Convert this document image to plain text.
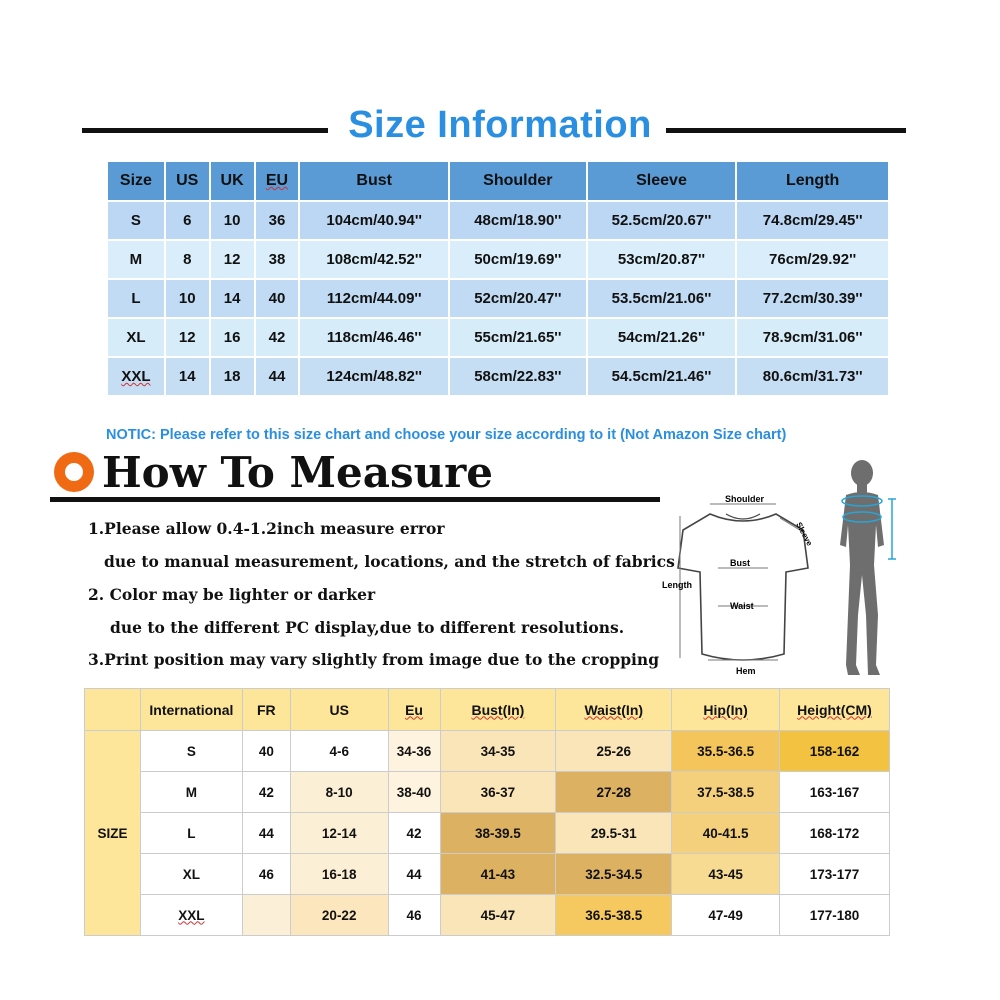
Size Information
Size	US	UK	EU	Bust	Shoulder	Sleeve	Length
S	6	10	36	104cm/40.94''	48cm/18.90''	52.5cm/20.67''	74.8cm/29.45''
M	8	12	38	108cm/42.52''	50cm/19.69''	53cm/20.87''	76cm/29.92''
L	10	14	40	112cm/44.09''	52cm/20.47''	53.5cm/21.06''	77.2cm/30.39''
XL	12	16	42	118cm/46.46''	55cm/21.65''	54cm/21.26''	78.9cm/31.06''
XXL	14	18	44	124cm/48.82''	58cm/22.83''	54.5cm/21.46''	80.6cm/31.73''
NOTIC: Please refer to this size chart and choose your size according to it (Not Amazon Size chart)
How To Measure
1.Please allow 0.4-1.2inch measure error
due to manual measurement, locations, and the stretch of fabrics
2. Color may be lighter or darker
due to the different PC display,due to different resolutions.
3.Print position may vary slightly from image due to the cropping
Shoulder
Sleeve
Bust
Length
Waist
Hem
	International	FR	US	Eu	Bust(In)	Waist(In)	Hip(In)	Height(CM)
SIZE	S	40	4-6	34-36	34-35	25-26	35.5-36.5	158-162
	M	42	8-10	38-40	36-37	27-28	37.5-38.5	163-167
	L	44	12-14	42	38-39.5	29.5-31	40-41.5	168-172
	XL	46	16-18	44	41-43	32.5-34.5	43-45	173-177
	XXL		20-22	46	45-47	36.5-38.5	47-49	177-180
